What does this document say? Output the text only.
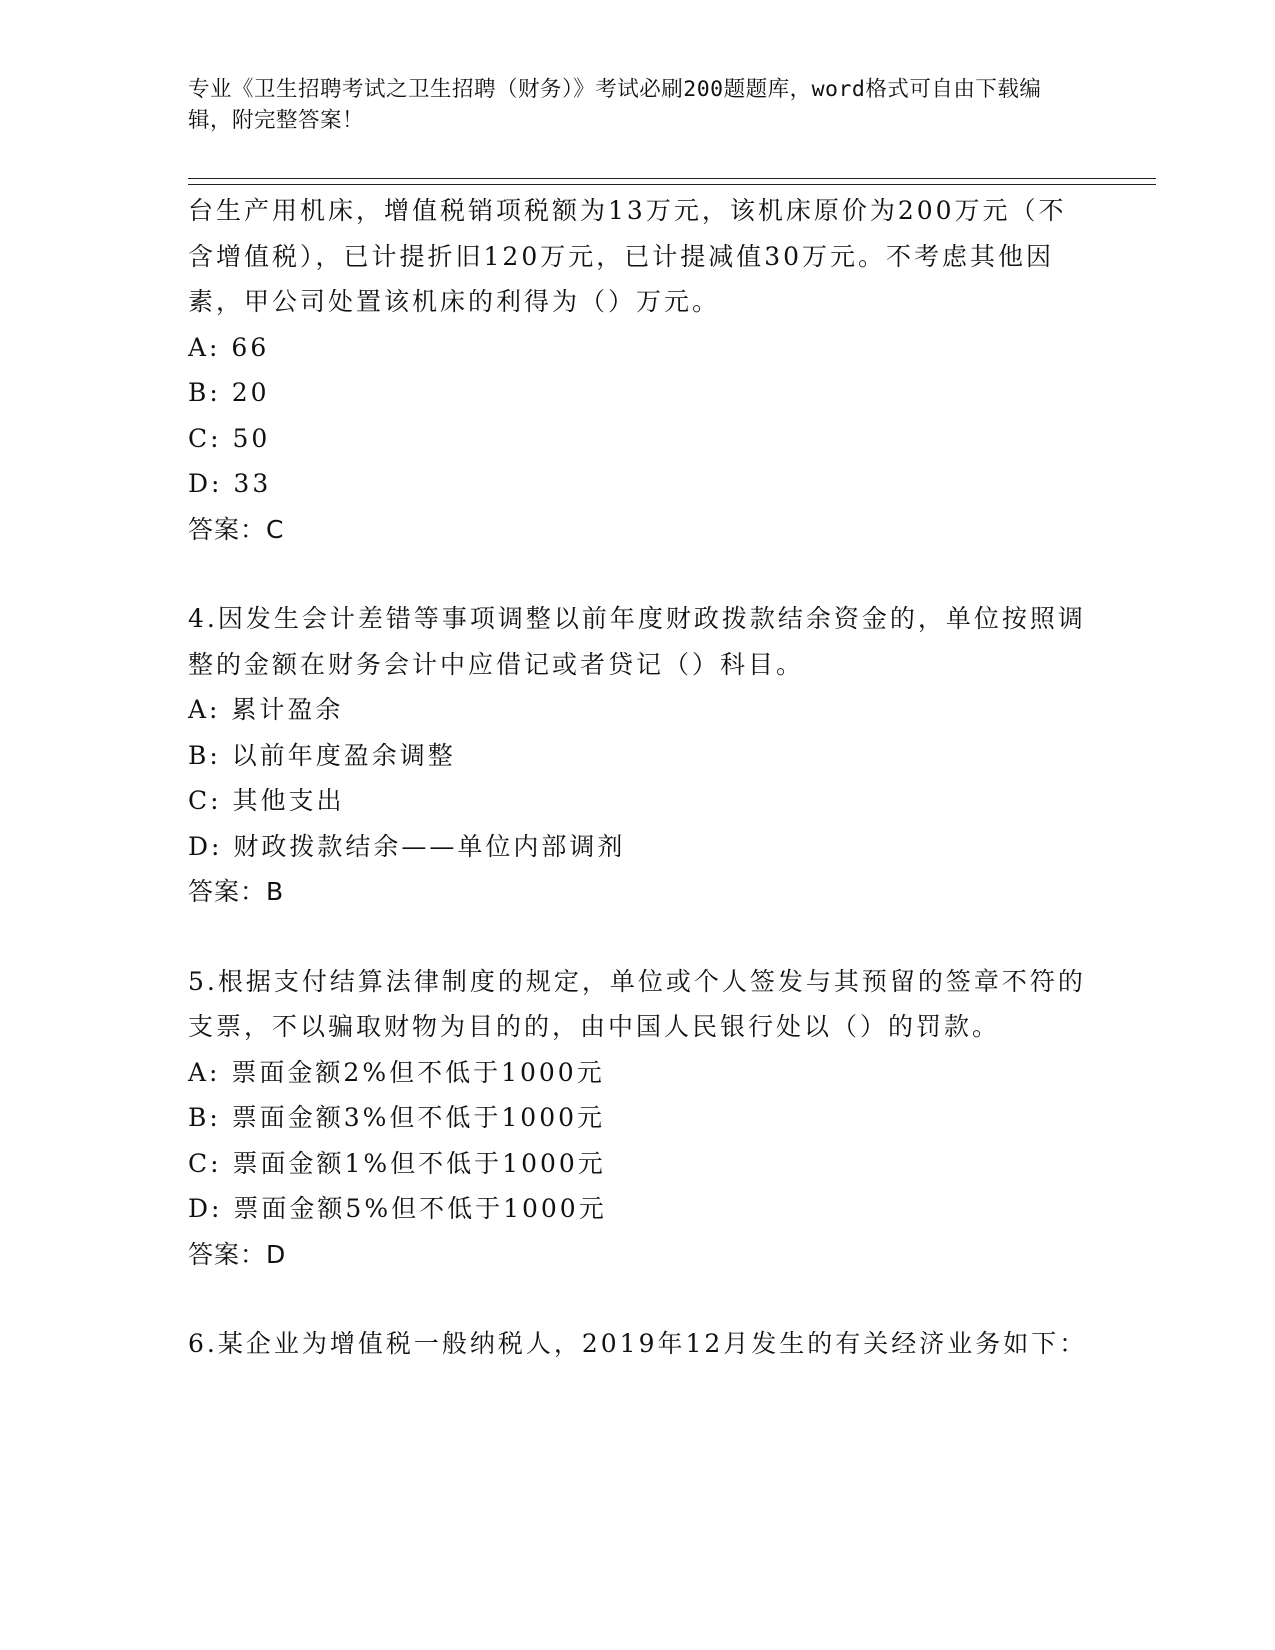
专业《卫生招聘考试之卫生招聘（财务）》考试必刷200题题库，word格式可自由下载编辑，附完整答案！

台生产用机床，增值税销项税额为13万元，该机床原价为200万元（不含增值税），已计提折旧120万元，已计提减值30万元。不考虑其他因素，甲公司处置该机床的利得为（）万元。

A: 66

B: 20

C: 50

D: 33

答案：C

4.因发生会计差错等事项调整以前年度财政拨款结余资金的，单位按照调整的金额在财务会计中应借记或者贷记（）科目。

A: 累计盈余

B: 以前年度盈余调整

C: 其他支出

D: 财政拨款结余——单位内部调剂

答案：B

5.根据支付结算法律制度的规定，单位或个人签发与其预留的签章不符的支票，不以骗取财物为目的的，由中国人民银行处以（）的罚款。

A: 票面金额2%但不低于1000元

B: 票面金额3%但不低于1000元

C: 票面金额1%但不低于1000元

D: 票面金额5%但不低于1000元

答案：D

6.某企业为增值税一般纳税人，2019年12月发生的有关经济业务如下：
